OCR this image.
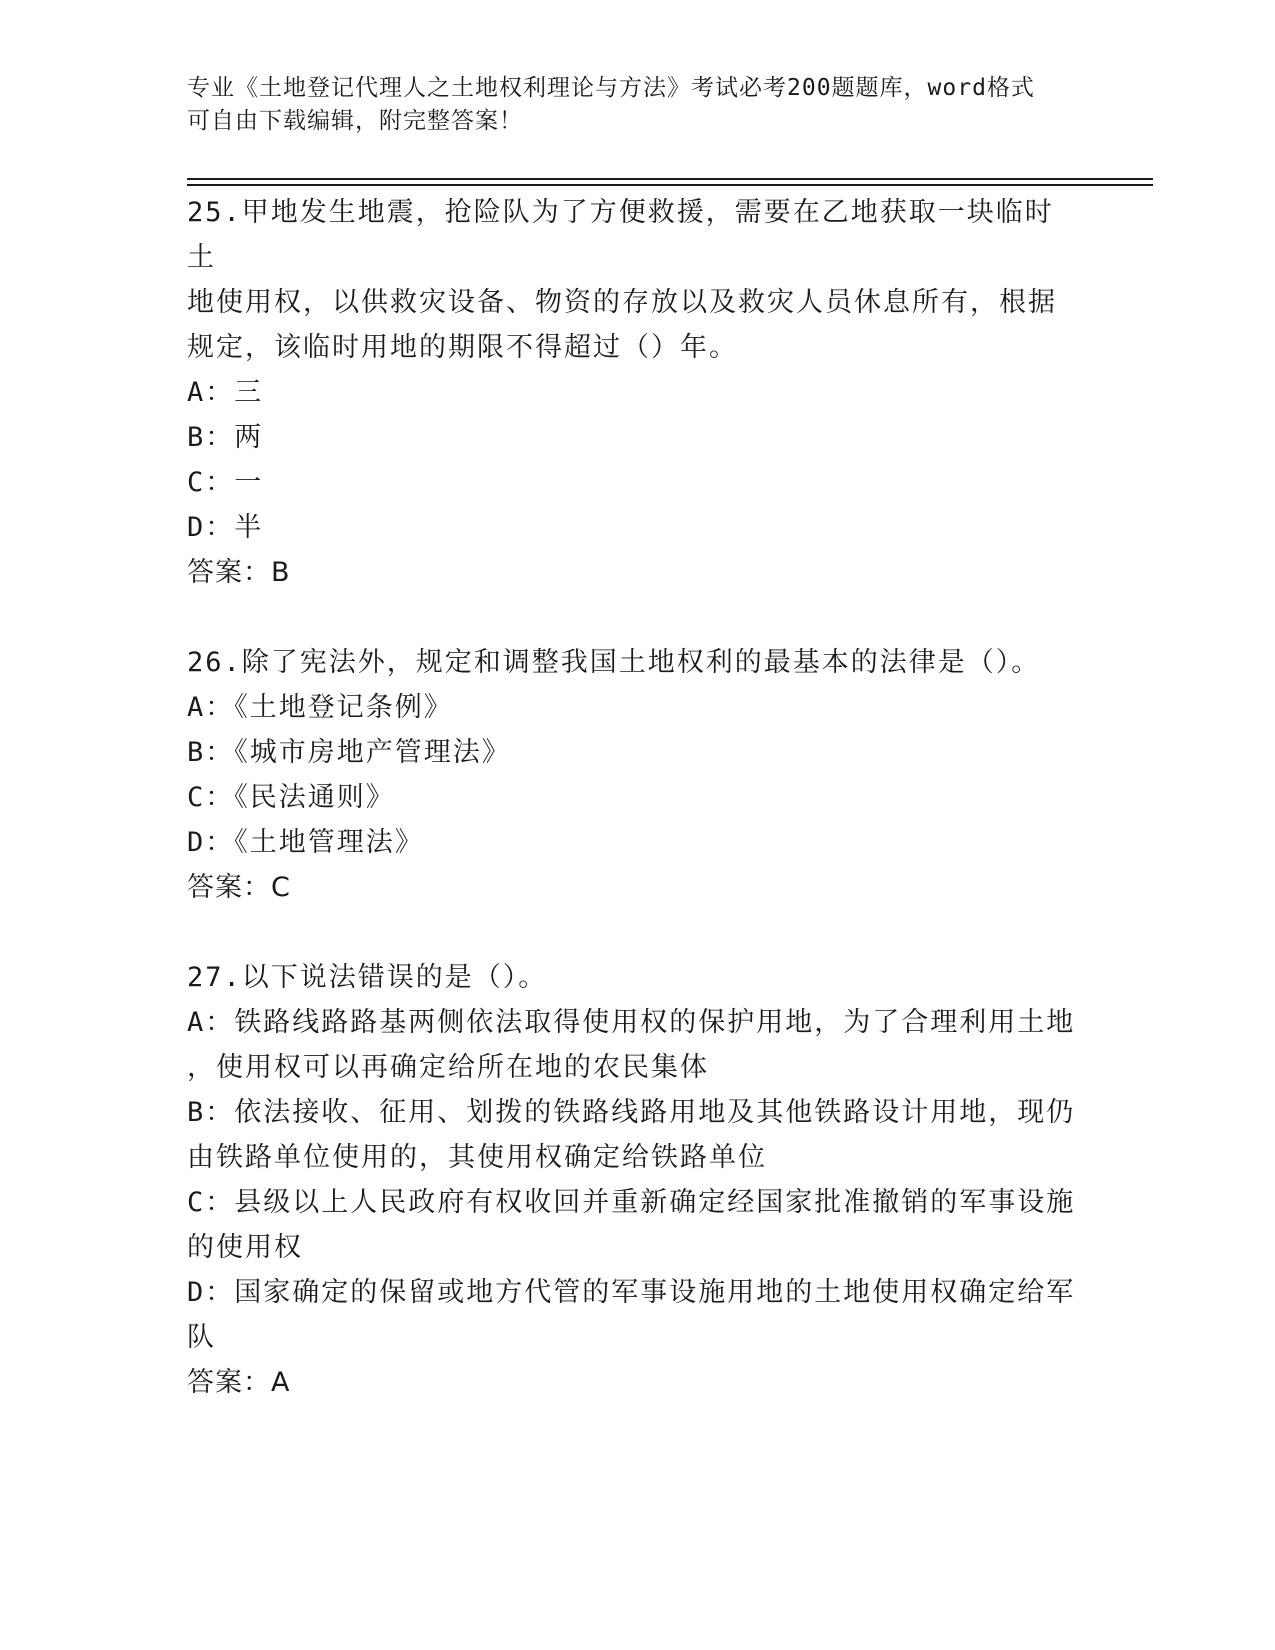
专业《土地登记代理人之土地权利理论与方法》考试必考200题题库，word格式
可自由下载编辑，附完整答案！

25.甲地发生地震，抢险队为了方便救援，需要在乙地获取一块临时土

地使用权，以供救灾设备、物资的存放以及救灾人员休息所有，根据

规定，该临时用地的期限不得超过（）年。

A：三

B：两

C：一

D：半

答案：B

26.除了宪法外，规定和调整我国土地权利的最基本的法律是（）。

A：《土地登记条例》

B：《城市房地产管理法》

C：《民法通则》

D：《土地管理法》

答案：C

27.以下说法错误的是（）。

A：铁路线路路基两侧依法取得使用权的保护用地，为了合理利用土地

，使用权可以再确定给所在地的农民集体

B：依法接收、征用、划拨的铁路线路用地及其他铁路设计用地，现仍

由铁路单位使用的，其使用权确定给铁路单位

C：县级以上人民政府有权收回并重新确定经国家批准撤销的军事设施

的使用权

D：国家确定的保留或地方代管的军事设施用地的土地使用权确定给军

队

答案：A
